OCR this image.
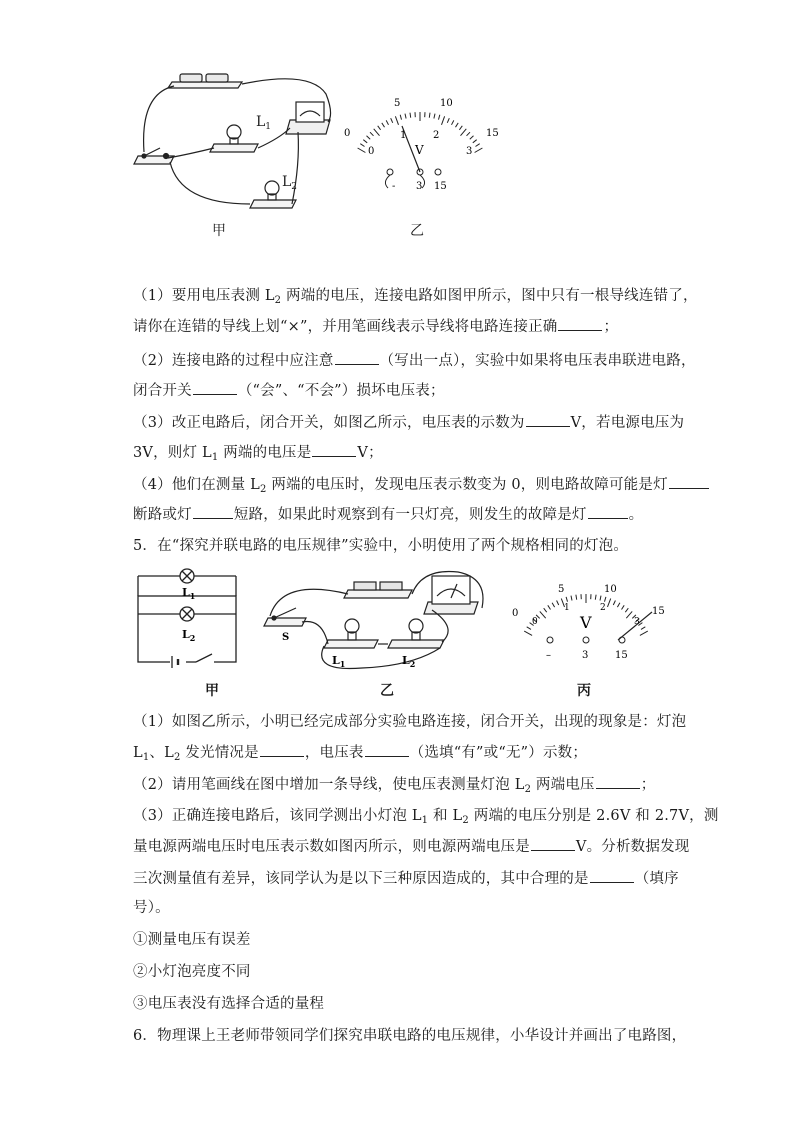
$L_1$
$L_2$
0
5	10
15
0
1	2
3
V
- 3 15
甲	乙
（1）要用电压表测 $L_2$ 两端的电压，连接电路如图甲所示，图中只有一根导线连错了，
请你在连错的导线上划“×”，并用笔画线表示导线将电路连接正确	；
（2）连接电路的过程中应注意	（写出一点），实验中如果将电压表串联进电路，
闭合开关	（“会”、“不会”）损坏电压表；
（3）改正电路后，闭合开关，如图乙所示，电压表的示数为	V，若电源电压为
3V，则灯 $L_1$ 两端的电压是	V；
（4）他们在测量 $L_2$ 两端的电压时，发现电压表示数变为 0，则电路故障可能是灯
断路或灯	短路，如果此时观察到有一只灯亮，则发生的故障是灯	。
5．在“探究并联电路的电压规律”实验中，小明使用了两个规格相同的灯泡。
$L_1$
$L_2$	S
$L_1$	$L_2$
0
5	10
15
0
1	2
3
V
–	3	15
甲	乙	丙
（1）如图乙所示，小明已经完成部分实验电路连接，闭合开关，出现的现象是：灯泡
$L_1$、$L_2$ 发光情况是	，电压表	（选填“有”或“无”）示数；
（2）请用笔画线在图中增加一条导线，使电压表测量灯泡 $L_2$ 两端电压	；
（3）正确连接电路后，该同学测出小灯泡 $L_1$ 和 $L_2$ 两端的电压分别是 2.6V 和 2.7V，测
量电源两端电压时电压表示数如图丙所示，则电源两端电压是	V。分析数据发现
三次测量值有差异，该同学认为是以下三种原因造成的，其中合理的是	（填序
号）。
①测量电压有误差
②小灯泡亮度不同
③电压表没有选择合适的量程
6．物理课上王老师带领同学们探究串联电路的电压规律，小华设计并画出了电路图，
